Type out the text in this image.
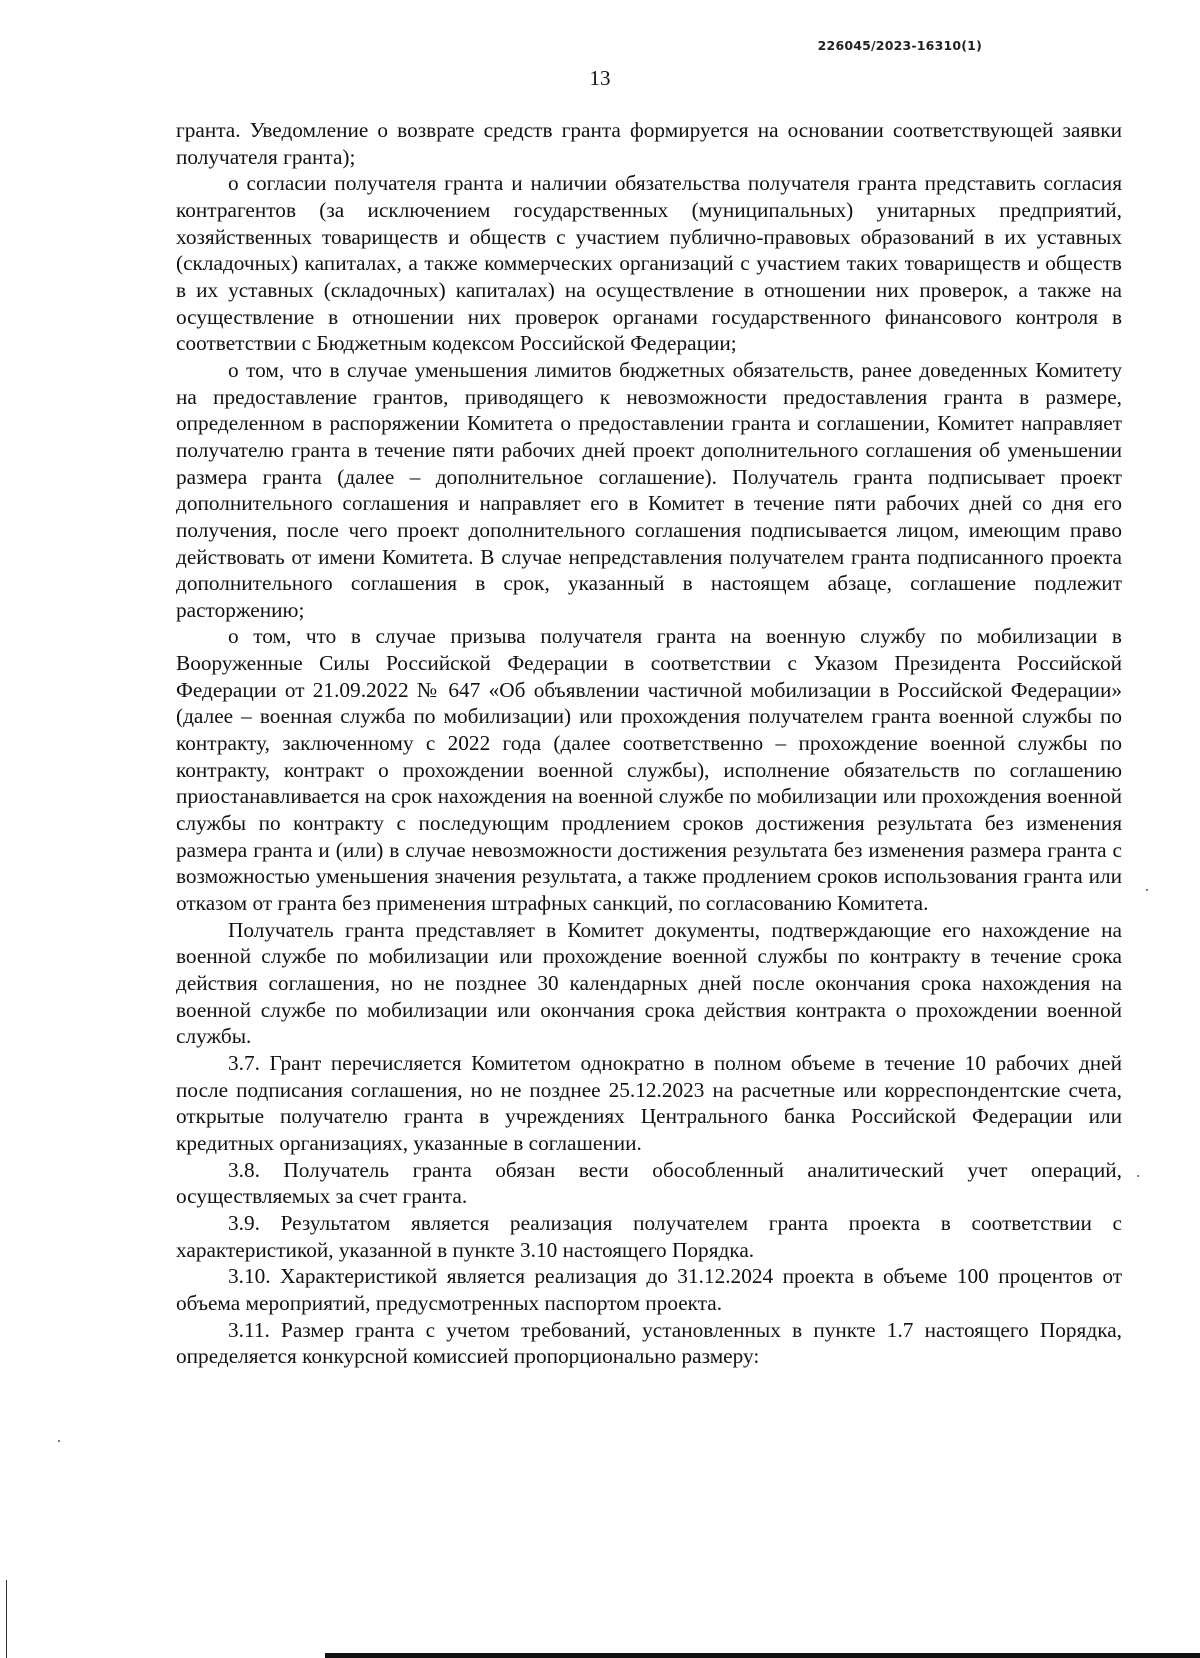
226045/2023-16310(1)
13

гранта. Уведомление о возврате средств гранта формируется на основании соответствующей заявки получателя гранта);

о согласии получателя гранта и наличии обязательства получателя гранта представить согласия контрагентов (за исключением государственных (муниципальных) унитарных предприятий, хозяйственных товариществ и обществ с участием публично-правовых образований в их уставных (складочных) капиталах, а также коммерческих организаций с участием таких товариществ и обществ в их уставных (складочных) капиталах) на осуществление в отношении них проверок, а также на осуществление в отношении них проверок органами государственного финансового контроля в соответствии с Бюджетным кодексом Российской Федерации;

о том, что в случае уменьшения лимитов бюджетных обязательств, ранее доведенных Комитету на предоставление грантов, приводящего к невозможности предоставления гранта в размере, определенном в распоряжении Комитета о предоставлении гранта и соглашении, Комитет направляет получателю гранта в течение пяти рабочих дней проект дополнительного соглашения об уменьшении размера гранта (далее – дополнительное соглашение). Получатель гранта подписывает проект дополнительного соглашения и направляет его в Комитет в течение пяти рабочих дней со дня его получения, после чего проект дополнительного соглашения подписывается лицом, имеющим право действовать от имени Комитета. В случае непредставления получателем гранта подписанного проекта дополнительного соглашения в срок, указанный в настоящем абзаце, соглашение подлежит расторжению;

о том, что в случае призыва получателя гранта на военную службу по мобилизации в Вооруженные Силы Российской Федерации в соответствии с Указом Президента Российской Федерации от 21.09.2022 № 647 «Об объявлении частичной мобилизации в Российской Федерации» (далее – военная служба по мобилизации) или прохождения получателем гранта военной службы по контракту, заключенному с 2022 года (далее соответственно – прохождение военной службы по контракту, контракт о прохождении военной службы), исполнение обязательств по соглашению приостанавливается на срок нахождения на военной службе по мобилизации или прохождения военной службы по контракту с последующим продлением сроков достижения результата без изменения размера гранта и (или) в случае невозможности достижения результата без изменения размера гранта с возможностью уменьшения значения результата, а также продлением сроков использования гранта или отказом от гранта без применения штрафных санкций, по согласованию Комитета.

Получатель гранта представляет в Комитет документы, подтверждающие его нахождение на военной службе по мобилизации или прохождение военной службы по контракту в течение срока действия соглашения, но не позднее 30 календарных дней после окончания срока нахождения на военной службе по мобилизации или окончания срока действия контракта о прохождении военной службы.

3.7. Грант перечисляется Комитетом однократно в полном объеме в течение 10 рабочих дней после подписания соглашения, но не позднее 25.12.2023 на расчетные или корреспондентские счета, открытые получателю гранта в учреждениях Центрального банка Российской Федерации или кредитных организациях, указанные в соглашении.

3.8. Получатель гранта обязан вести обособленный аналитический учет операций, осуществляемых за счет гранта.

3.9. Результатом является реализация получателем гранта проекта в соответствии с характеристикой, указанной в пункте 3.10 настоящего Порядка.

3.10. Характеристикой является реализация до 31.12.2024 проекта в объеме 100 процентов от объема мероприятий, предусмотренных паспортом проекта.

3.11. Размер гранта с учетом требований, установленных в пункте 1.7 настоящего Порядка, определяется конкурсной комиссией пропорционально размеру:
